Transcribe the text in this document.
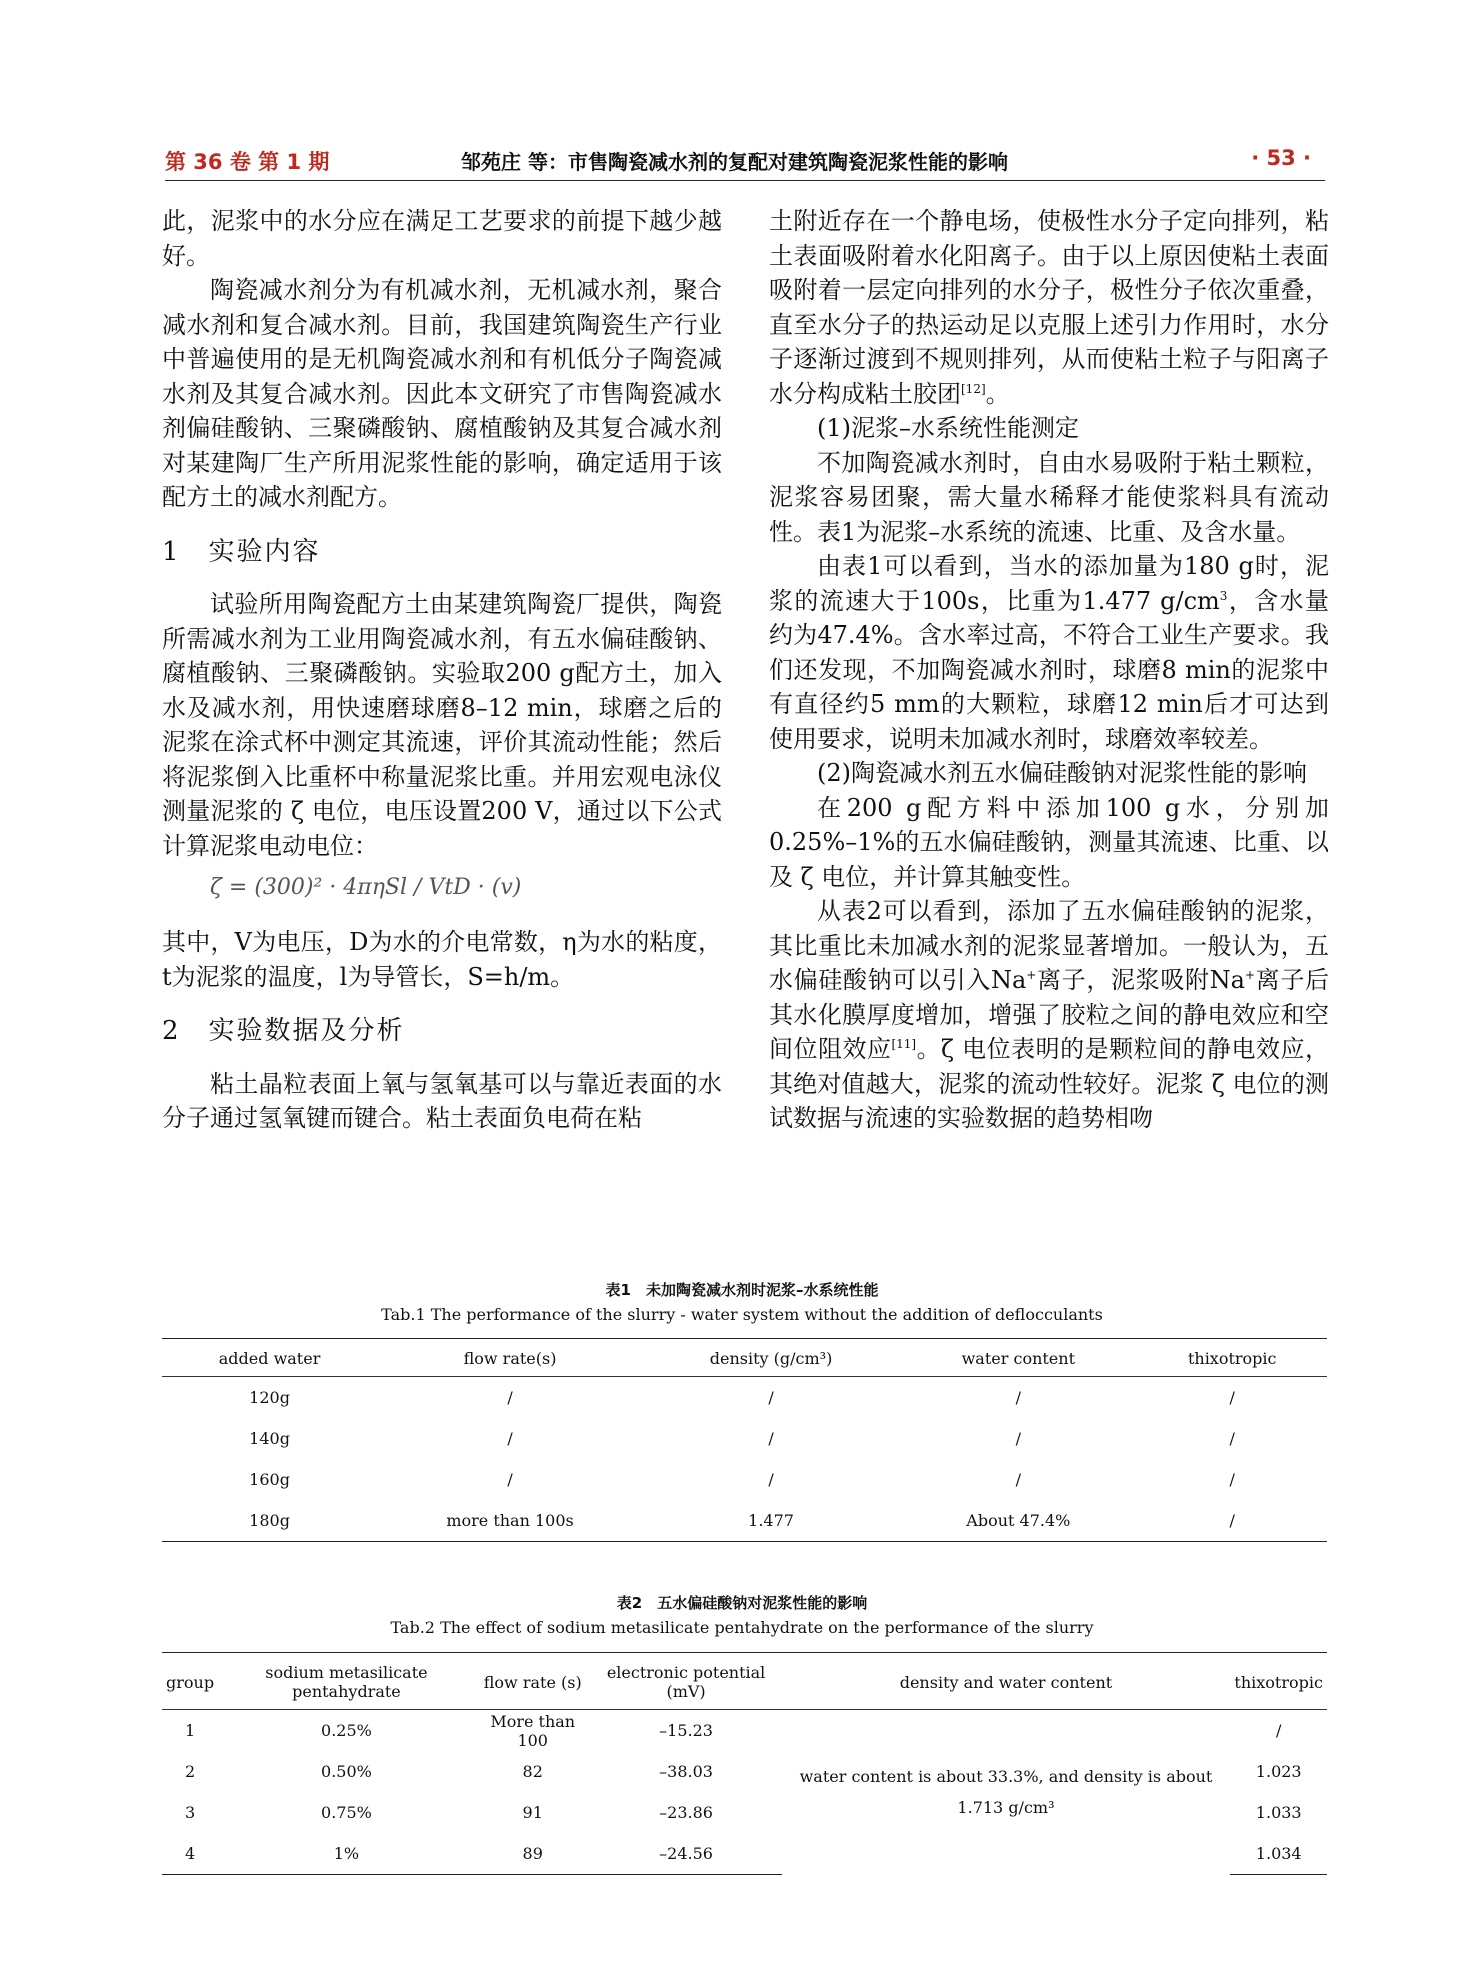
第 36 卷 第 1 期	邹苑庄 等：市售陶瓷减水剂的复配对建筑陶瓷泥浆性能的影响	· 53 ·

此，泥浆中的水分应在满足工艺要求的前提下越少越好。

陶瓷减水剂分为有机减水剂，无机减水剂，聚合减水剂和复合减水剂。目前，我国建筑陶瓷生产行业中普遍使用的是无机陶瓷减水剂和有机低分子陶瓷减水剂及其复合减水剂。因此本文研究了市售陶瓷减水剂偏硅酸钠、三聚磷酸钠、腐植酸钠及其复合减水剂对某建陶厂生产所用泥浆性能的影响，确定适用于该配方土的减水剂配方。

1　实验内容

试验所用陶瓷配方土由某建筑陶瓷厂提供，陶瓷所需减水剂为工业用陶瓷减水剂，有五水偏硅酸钠、腐植酸钠、三聚磷酸钠。实验取200 g配方土，加入水及减水剂，用快速磨球磨8–12 min，球磨之后的泥浆在涂式杯中测定其流速，评价其流动性能；然后将泥浆倒入比重杯中称量泥浆比重。并用宏观电泳仪测量泥浆的 ζ 电位，电压设置200 V，通过以下公式计算泥浆电动电位：

ζ = (300)² · 4πηSl / VtD · (v)

其中，V为电压，D为水的介电常数，η为水的粘度，t为泥浆的温度，l为导管长，S=h/m。

2　实验数据及分析

粘土晶粒表面上氧与氢氧基可以与靠近表面的水分子通过氢氧键而键合。粘土表面负电荷在粘

土附近存在一个静电场，使极性水分子定向排列，粘土表面吸附着水化阳离子。由于以上原因使粘土表面吸附着一层定向排列的水分子，极性分子依次重叠，直至水分子的热运动足以克服上述引力作用时，水分子逐渐过渡到不规则排列，从而使粘土粒子与阳离子水分构成粘土胶团[12]。

(1)泥浆–水系统性能测定

不加陶瓷减水剂时，自由水易吸附于粘土颗粒，泥浆容易团聚，需大量水稀释才能使浆料具有流动性。表1为泥浆–水系统的流速、比重、及含水量。

由表1可以看到，当水的添加量为180 g时，泥浆的流速大于100s，比重为1.477 $g/cm^3$，含水量约为47.4%。含水率过高，不符合工业生产要求。我们还发现，不加陶瓷减水剂时，球磨8 min的泥浆中有直径约5 mm的大颗粒，球磨12 min后才可达到使用要求，说明未加减水剂时，球磨效率较差。

(2)陶瓷减水剂五水偏硅酸钠对泥浆性能的影响

在200 g配方料中添加100 g水，分别加0.25%–1%的五水偏硅酸钠，测量其流速、比重、以及 ζ 电位，并计算其触变性。

从表2可以看到，添加了五水偏硅酸钠的泥浆，其比重比未加减水剂的泥浆显著增加。一般认为，五水偏硅酸钠可以引入Na+离子，泥浆吸附Na+离子后其水化膜厚度增加，增强了胶粒之间的静电效应和空间位阻效应[11]。ζ 电位表明的是颗粒间的静电效应，其绝对值越大，泥浆的流动性较好。泥浆 ζ 电位的测试数据与流速的实验数据的趋势相吻

表1　未加陶瓷减水剂时泥浆–水系统性能
Tab.1 The performance of the slurry - water system without the addition of deflocculants
added water	flow rate(s)	density (g/cm³)	water content	thixotropic
120g	/	/	/	/
140g	/	/	/	/
160g	/	/	/	/
180g	more than 100s	1.477	About 47.4%	/
表2　五水偏硅酸钠对泥浆性能的影响
Tab.2 The effect of sodium metasilicate pentahydrate on the performance of the slurry
group	sodium metasilicate pentahydrate	flow rate (s)	electronic potential (mV)	density and water content	thixotropic
1	0.25%	More than 100	–15.23	water content is about 33.3%, and density is about 1.713 g/cm³	/
2	0.50%	82	–38.03		1.023
3	0.75%	91	–23.86		1.033
4	1%	89	–24.56		1.034
